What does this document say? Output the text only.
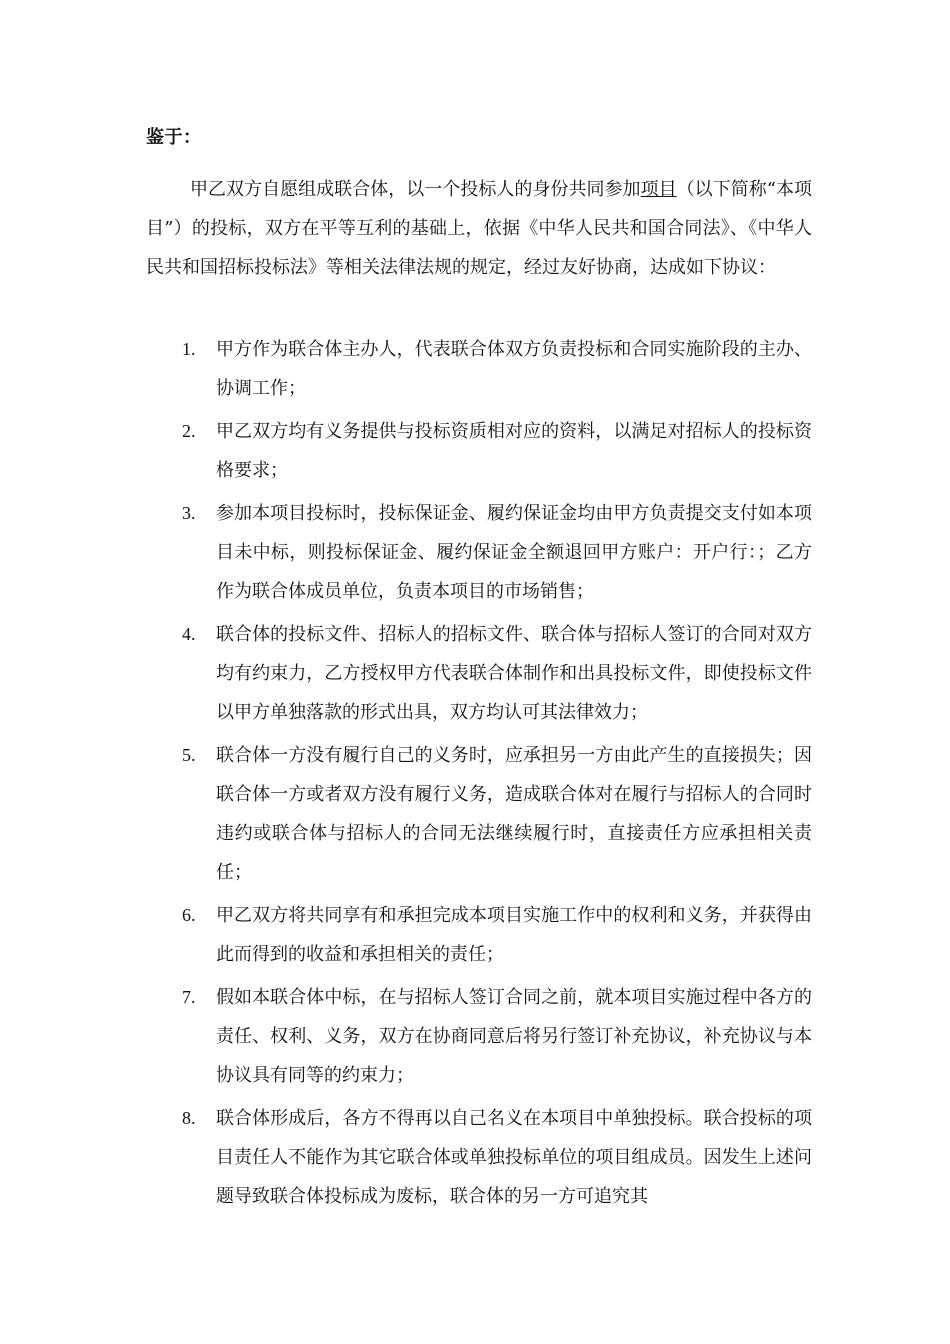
鉴于：

甲乙双方自愿组成联合体，以一个投标人的身份共同参加项目（以下简称“本项目”）的投标，双方在平等互利的基础上，依据《中华人民共和国合同法》、《中华人民共和国招标投标法》等相关法律法规的规定，经过友好协商，达成如下协议：

1. 甲方作为联合体主办人，代表联合体双方负责投标和合同实施阶段的主办、协调工作；
2. 甲乙双方均有义务提供与投标资质相对应的资料，以满足对招标人的投标资格要求；
3. 参加本项目投标时，投标保证金、履约保证金均由甲方负责提交支付如本项目未中标，则投标保证金、履约保证金全额退回甲方账户：开户行：；乙方作为联合体成员单位，负责本项目的市场销售；
4. 联合体的投标文件、招标人的招标文件、联合体与招标人签订的合同对双方均有约束力，乙方授权甲方代表联合体制作和出具投标文件，即使投标文件以甲方单独落款的形式出具，双方均认可其法律效力；
5. 联合体一方没有履行自己的义务时，应承担另一方由此产生的直接损失；因联合体一方或者双方没有履行义务，造成联合体对在履行与招标人的合同时违约或联合体与招标人的合同无法继续履行时，直接责任方应承担相关责任；
6. 甲乙双方将共同享有和承担完成本项目实施工作中的权利和义务，并获得由此而得到的收益和承担相关的责任；
7. 假如本联合体中标，在与招标人签订合同之前，就本项目实施过程中各方的责任、权利、义务，双方在协商同意后将另行签订补充协议，补充协议与本协议具有同等的约束力；
8. 联合体形成后，各方不得再以自己名义在本项目中单独投标。联合投标的项目责任人不能作为其它联合体或单独投标单位的项目组成员。因发生上述问题导致联合体投标成为废标，联合体的另一方可追究其
